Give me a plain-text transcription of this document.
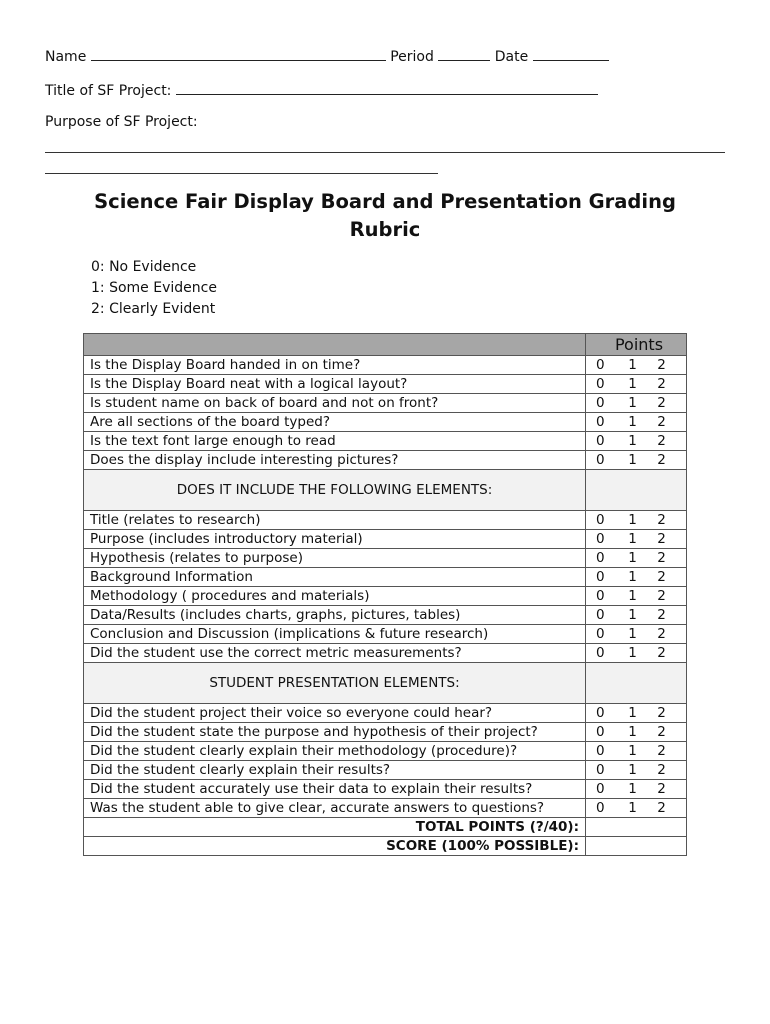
Name	Period	Date
Title of SF Project:
Purpose of SF Project:
Science Fair Display Board and Presentation Grading Rubric
0: No Evidence
1: Some Evidence
2: Clearly Evident
	Points
Is the Display Board handed in on time?	0 1 2
Is the Display Board neat with a logical layout?	0 1 2
Is student name on back of board and not on front?	0 1 2
Are all sections of the board typed?	0 1 2
Is the text font large enough to read	0 1 2
Does the display include interesting pictures?	0 1 2
DOES IT INCLUDE THE FOLLOWING ELEMENTS:	
Title (relates to research)	0 1 2
Purpose (includes introductory material)	0 1 2
Hypothesis (relates to purpose)	0 1 2
Background Information	0 1 2
Methodology ( procedures and materials)	0 1 2
Data/Results (includes charts, graphs, pictures, tables)	0 1 2
Conclusion and Discussion (implications & future research)	0 1 2
Did the student use the correct metric measurements?	0 1 2
STUDENT PRESENTATION ELEMENTS:	
Did the student project their voice so everyone could hear?	0 1 2
Did the student state the purpose and hypothesis of their project?	0 1 2
Did the student clearly explain their methodology (procedure)?	0 1 2
Did the student clearly explain their results?	0 1 2
Did the student accurately use their data to explain their results?	0 1 2
Was the student able to give clear, accurate answers to questions?	0 1 2
TOTAL POINTS (?/40):	
SCORE (100% POSSIBLE):	
